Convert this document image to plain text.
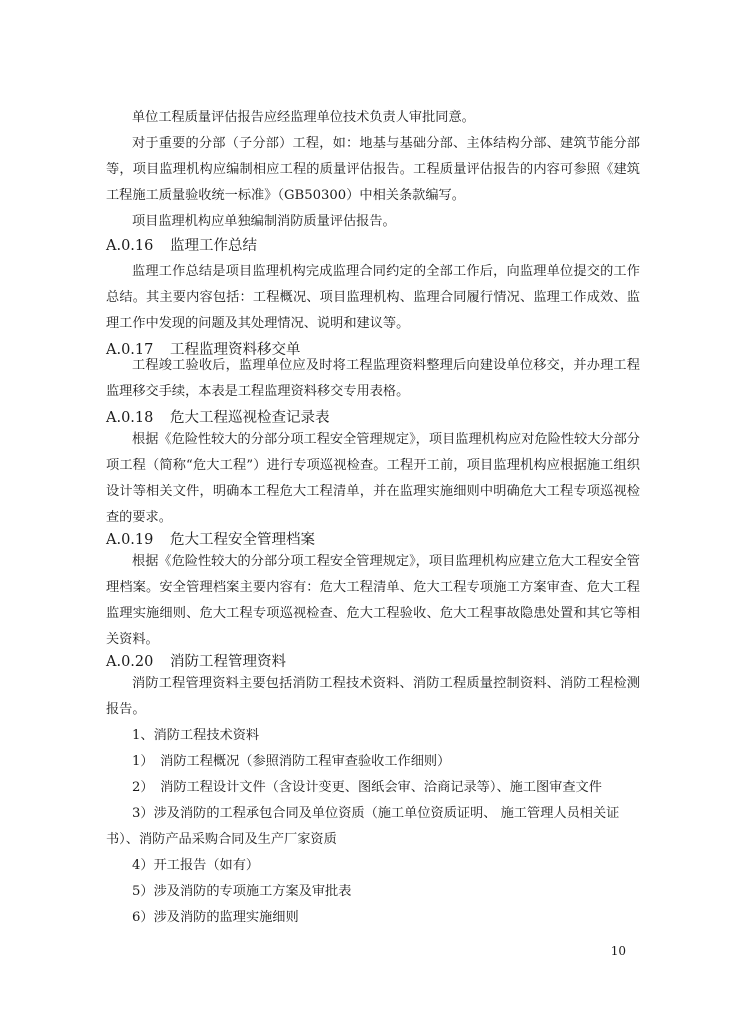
单位工程质量评估报告应经监理单位技术负责人审批同意。

对于重要的分部（子分部）工程，如：地基与基础分部、主体结构分部、建筑节能分部等，项目监理机构应编制相应工程的质量评估报告。工程质量评估报告的内容可参照《建筑工程施工质量验收统一标准》（GB50300）中相关条款编写。

项目监理机构应单独编制消防质量评估报告。

A.0.16 监理工作总结

监理工作总结是项目监理机构完成监理合同约定的全部工作后，向监理单位提交的工作总结。其主要内容包括：工程概况、项目监理机构、监理合同履行情况、监理工作成效、监理工作中发现的问题及其处理情况、说明和建议等。

A.0.17 工程监理资料移交单

工程竣工验收后，监理单位应及时将工程监理资料整理后向建设单位移交，并办理工程监理移交手续，本表是工程监理资料移交专用表格。

A.0.18 危大工程巡视检查记录表

根据《危险性较大的分部分项工程安全管理规定》，项目监理机构应对危险性较大分部分项工程（简称“危大工程”）进行专项巡视检查。工程开工前，项目监理机构应根据施工组织设计等相关文件，明确本工程危大工程清单，并在监理实施细则中明确危大工程专项巡视检查的要求。

A.0.19 危大工程安全管理档案

根据《危险性较大的分部分项工程安全管理规定》，项目监理机构应建立危大工程安全管理档案。安全管理档案主要内容有：危大工程清单、危大工程专项施工方案审查、危大工程监理实施细则、危大工程专项巡视检查、危大工程验收、危大工程事故隐患处置和其它等相关资料。

A.0.20 消防工程管理资料

消防工程管理资料主要包括消防工程技术资料、消防工程质量控制资料、消防工程检测报告。

1、消防工程技术资料

1）　消防工程概况（参照消防工程审查验收工作细则）

2）　消防工程设计文件（含设计变更、图纸会审、洽商记录等）、施工图审查文件

3）涉及消防的工程承包合同及单位资质（施工单位资质证明、 施工管理人员相关证书）、消防产品采购合同及生产厂家资质

4）开工报告（如有）

5）涉及消防的专项施工方案及审批表

6）涉及消防的监理实施细则

10
